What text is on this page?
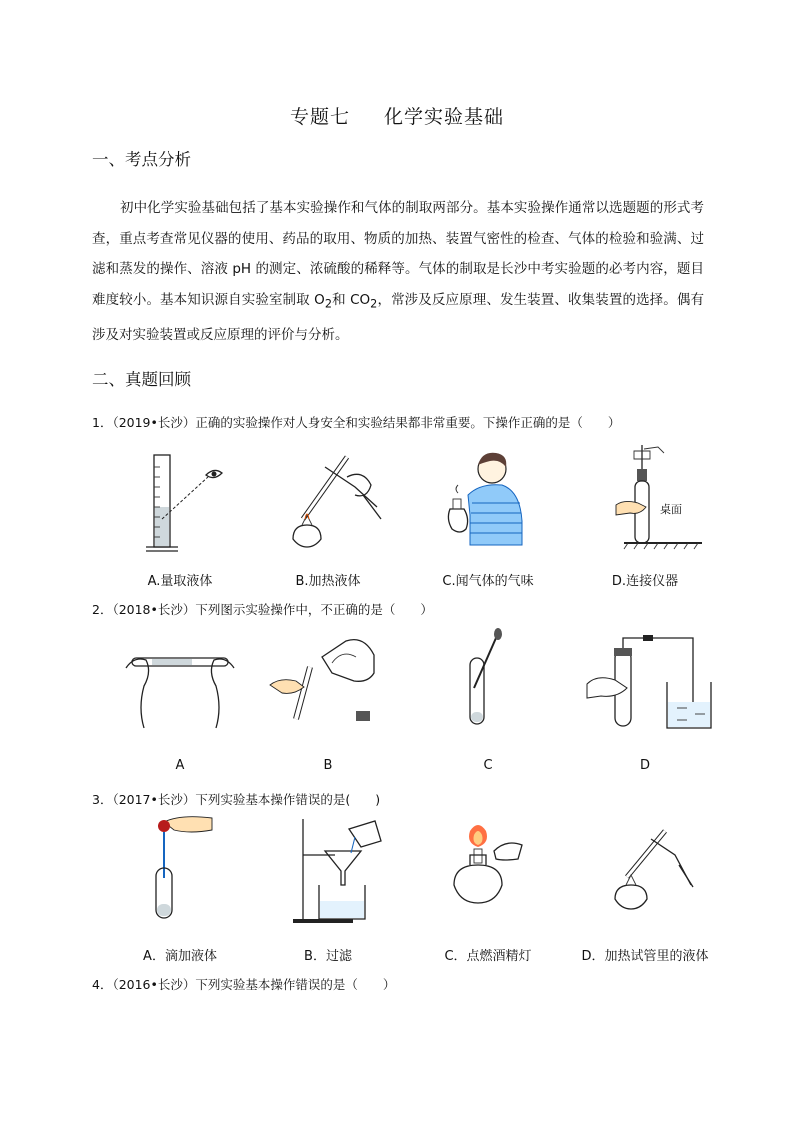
专题七 化学实验基础
一、考点分析
初中化学实验基础包括了基本实验操作和气体的制取两部分。基本实验操作通常以选题题的形式考查，重点考查常见仪器的使用、药品的取用、物质的加热、装置气密性的检查、气体的检验和验满、过滤和蒸发的操作、溶液 pH 的测定、浓硫酸的稀释等。气体的制取是长沙中考实验题的必考内容，题目难度较小。基本知识源自实验室制取 $O_2$和 $CO_2$，常涉及反应原理、发生装置、收集装置的选择。偶有涉及对实验装置或反应原理的评价与分析。
二、真题回顾
1．（2019•长沙）正确的实验操作对人身安全和实验结果都非常重要。下操作正确的是（　　）
A.量取液体	B.加热液体	C.闻气体的气味
桌面
D.连接仪器
2．（2018•长沙）下列图示实验操作中，不正确的是（　　）
A	B	C	D
3．（2017•长沙）下列实验基本操作错误的是(　　)
A．滴加液体	B．过滤	C．点燃酒精灯	D．加热试管里的液体
4．（2016•长沙）下列实验基本操作错误的是（　　）
